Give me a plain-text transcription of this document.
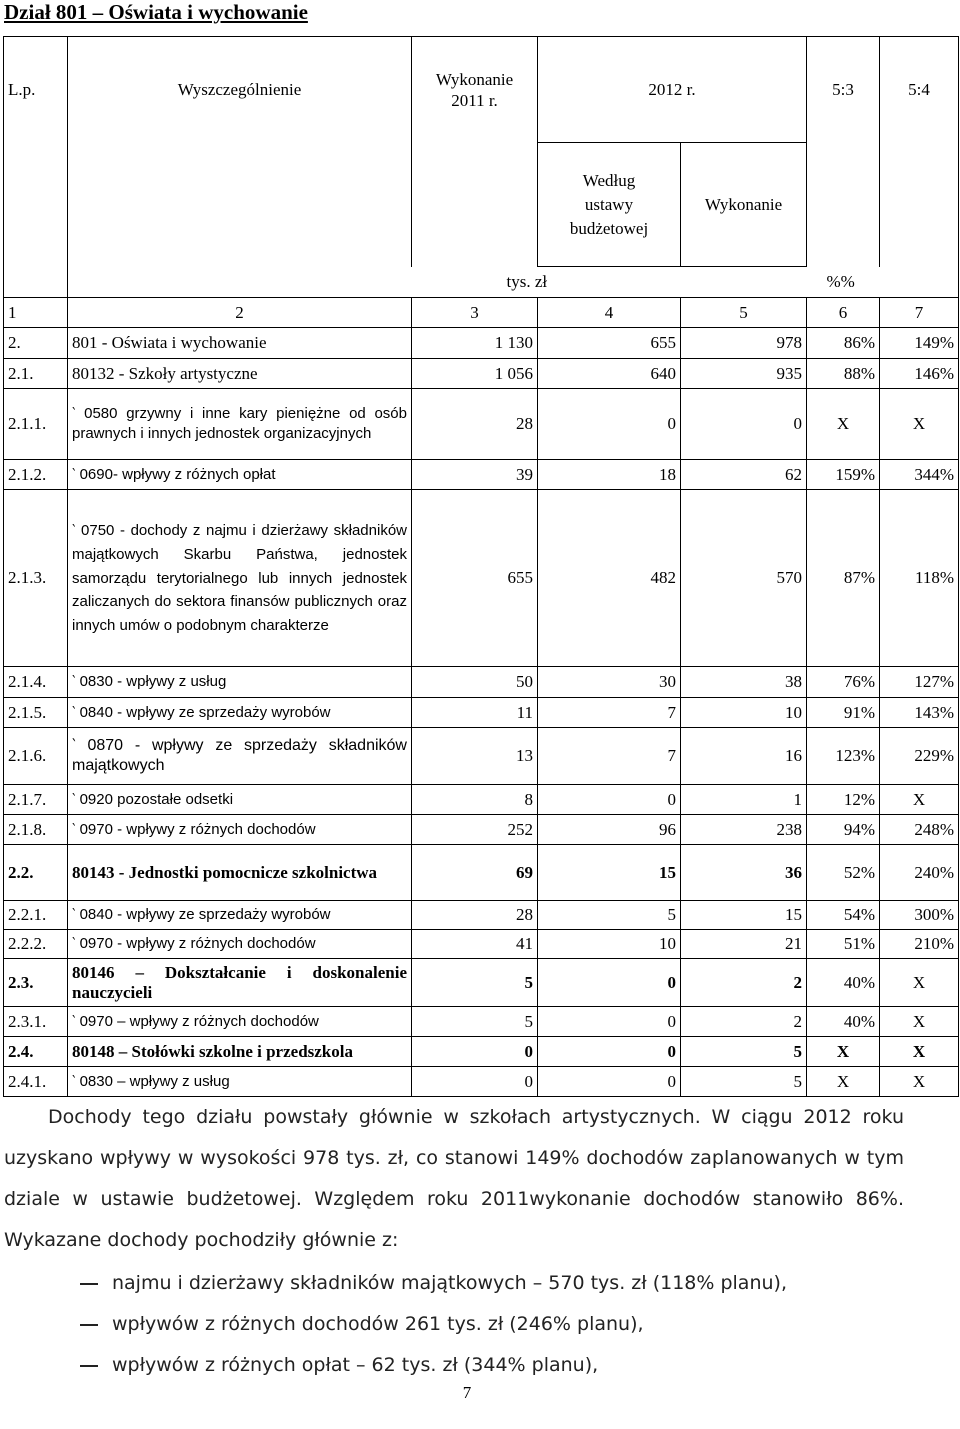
Dział 801 – Oświata i wychowanie
L.p.	Wyszczególnienie	Wykonanie 2011 r.	2012 r.		5:3	5:4
			Według ustawy budżetowej	Wykonanie		
		tys. zł			%%	
1	2	3	4	5	6	7
2.	801 - Oświata i wychowanie	1 130	655	978	86%	149%
2.1.	80132 - Szkoły artystyczne	1 056	640	935	88%	146%
2.1.1.	‵ 0580 grzywny i inne kary pieniężne od osób prawnych i innych jednostek organizacyjnych	28	0	0	X	X
2.1.2.	‵ 0690- wpływy z różnych opłat	39	18	62	159%	344%
2.1.3.	‵ 0750 - dochody z najmu i dzierżawy składników majątkowych Skarbu Państwa, jednostek samorządu terytorialnego lub innych jednostek zaliczanych do sektora finansów publicznych oraz innych umów o podobnym charakterze	655	482	570	87%	118%
2.1.4.	‵ 0830 - wpływy z usług	50	30	38	76%	127%
2.1.5.	‵ 0840 - wpływy ze sprzedaży wyrobów	11	7	10	91%	143%
2.1.6.	‵ 0870 - wpływy ze sprzedaży składników majątkowych	13	7	16	123%	229%
2.1.7.	‵ 0920 pozostałe odsetki	8	0	1	12%	X
2.1.8.	‵ 0970 - wpływy z różnych dochodów	252	96	238	94%	248%
2.2.	80143 - Jednostki pomocnicze szkolnictwa	69	15	36	52%	240%
2.2.1.	‵ 0840 - wpływy ze sprzedaży wyrobów	28	5	15	54%	300%
2.2.2.	‵ 0970 - wpływy z różnych dochodów	41	10	21	51%	210%
2.3.	80146 – Dokształcanie i doskonalenie nauczycieli	5	0	2	40%	X
2.3.1.	‵ 0970 – wpływy z różnych dochodów	5	0	2	40%	X
2.4.	80148 – Stołówki szkolne i przedszkola	0	0	5	X	X
2.4.1.	‵ 0830 – wpływy z usług	0	0	5	X	X

Dochody tego działu powstały głównie w szkołach artystycznych. W ciągu 2012 roku uzyskano wpływy w wysokości 978 tys. zł, co stanowi 149% dochodów zaplanowanych w tym dziale w ustawie budżetowej. Względem roku 2011wykonanie dochodów stanowiło 86%. Wykazane dochody pochodziły głównie z:

najmu i dzierżawy składników majątkowych – 570 tys. zł (118% planu),
wpływów z różnych dochodów 261 tys. zł (246% planu),
wpływów z różnych opłat – 62 tys. zł (344% planu),
7
